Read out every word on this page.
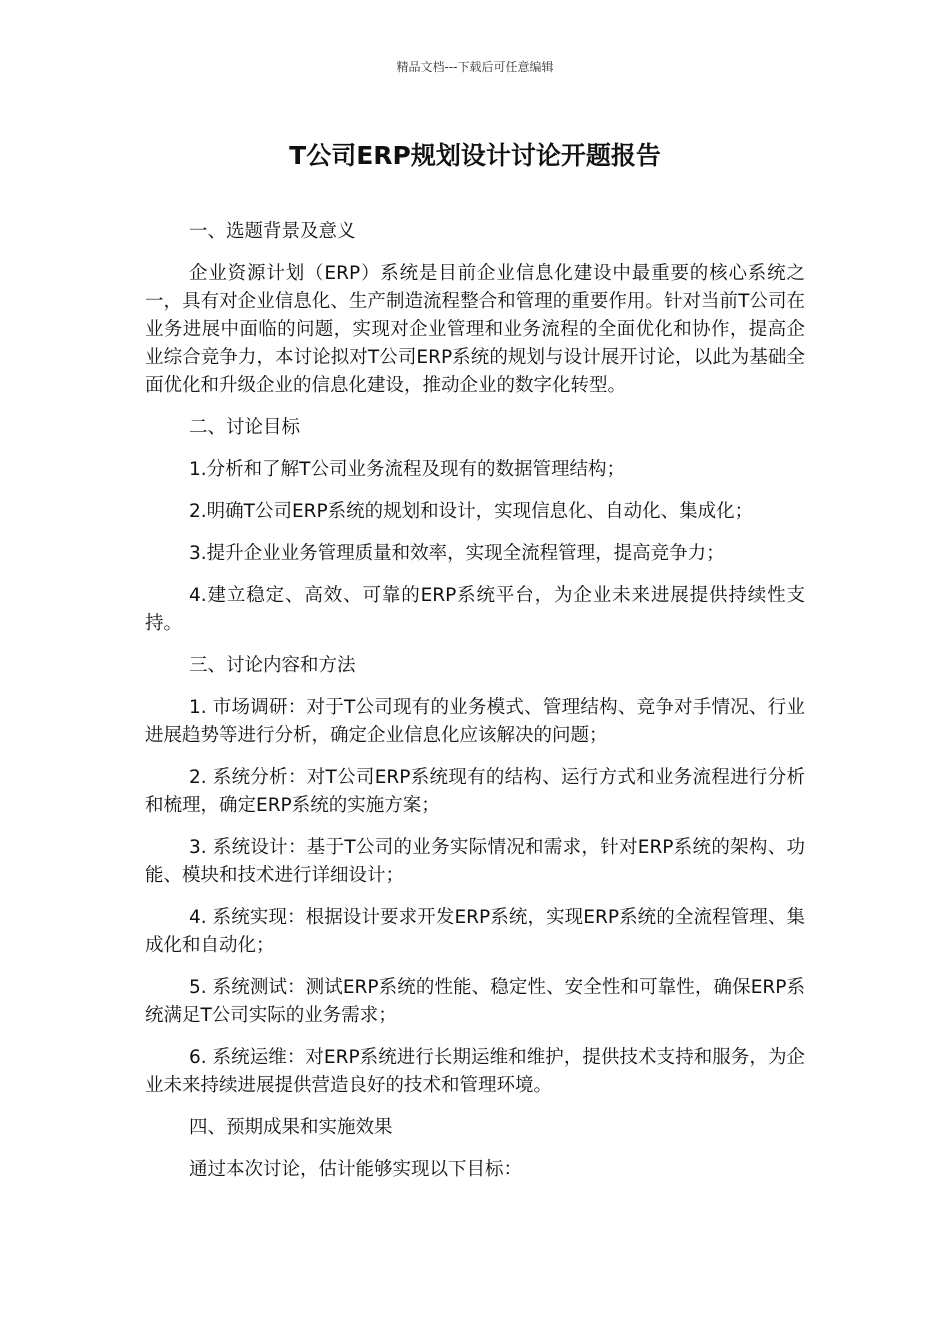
精品文档---下载后可任意编辑
T公司ERP规划设计讨论开题报告

一、选题背景及意义

企业资源计划（ERP）系统是目前企业信息化建设中最重要的核心系统之一，具有对企业信息化、生产制造流程整合和管理的重要作用。针对当前T公司在业务进展中面临的问题，实现对企业管理和业务流程的全面优化和协作，提高企业综合竞争力，本讨论拟对T公司ERP系统的规划与设计展开讨论，以此为基础全面优化和升级企业的信息化建设，推动企业的数字化转型。

二、讨论目标

1.分析和了解T公司业务流程及现有的数据管理结构；

2.明确T公司ERP系统的规划和设计，实现信息化、自动化、集成化；

3.提升企业业务管理质量和效率，实现全流程管理，提高竞争力；

4.建立稳定、高效、可靠的ERP系统平台，为企业未来进展提供持续性支持。

三、讨论内容和方法

1. 市场调研：对于T公司现有的业务模式、管理结构、竞争对手情况、行业进展趋势等进行分析，确定企业信息化应该解决的问题；

2. 系统分析：对T公司ERP系统现有的结构、运行方式和业务流程进行分析和梳理，确定ERP系统的实施方案；

3. 系统设计：基于T公司的业务实际情况和需求，针对ERP系统的架构、功能、模块和技术进行详细设计；

4. 系统实现：根据设计要求开发ERP系统，实现ERP系统的全流程管理、集成化和自动化；

5. 系统测试：测试ERP系统的性能、稳定性、安全性和可靠性，确保ERP系统满足T公司实际的业务需求；

6. 系统运维：对ERP系统进行长期运维和维护，提供技术支持和服务，为企业未来持续进展提供营造良好的技术和管理环境。

四、预期成果和实施效果

通过本次讨论，估计能够实现以下目标：
